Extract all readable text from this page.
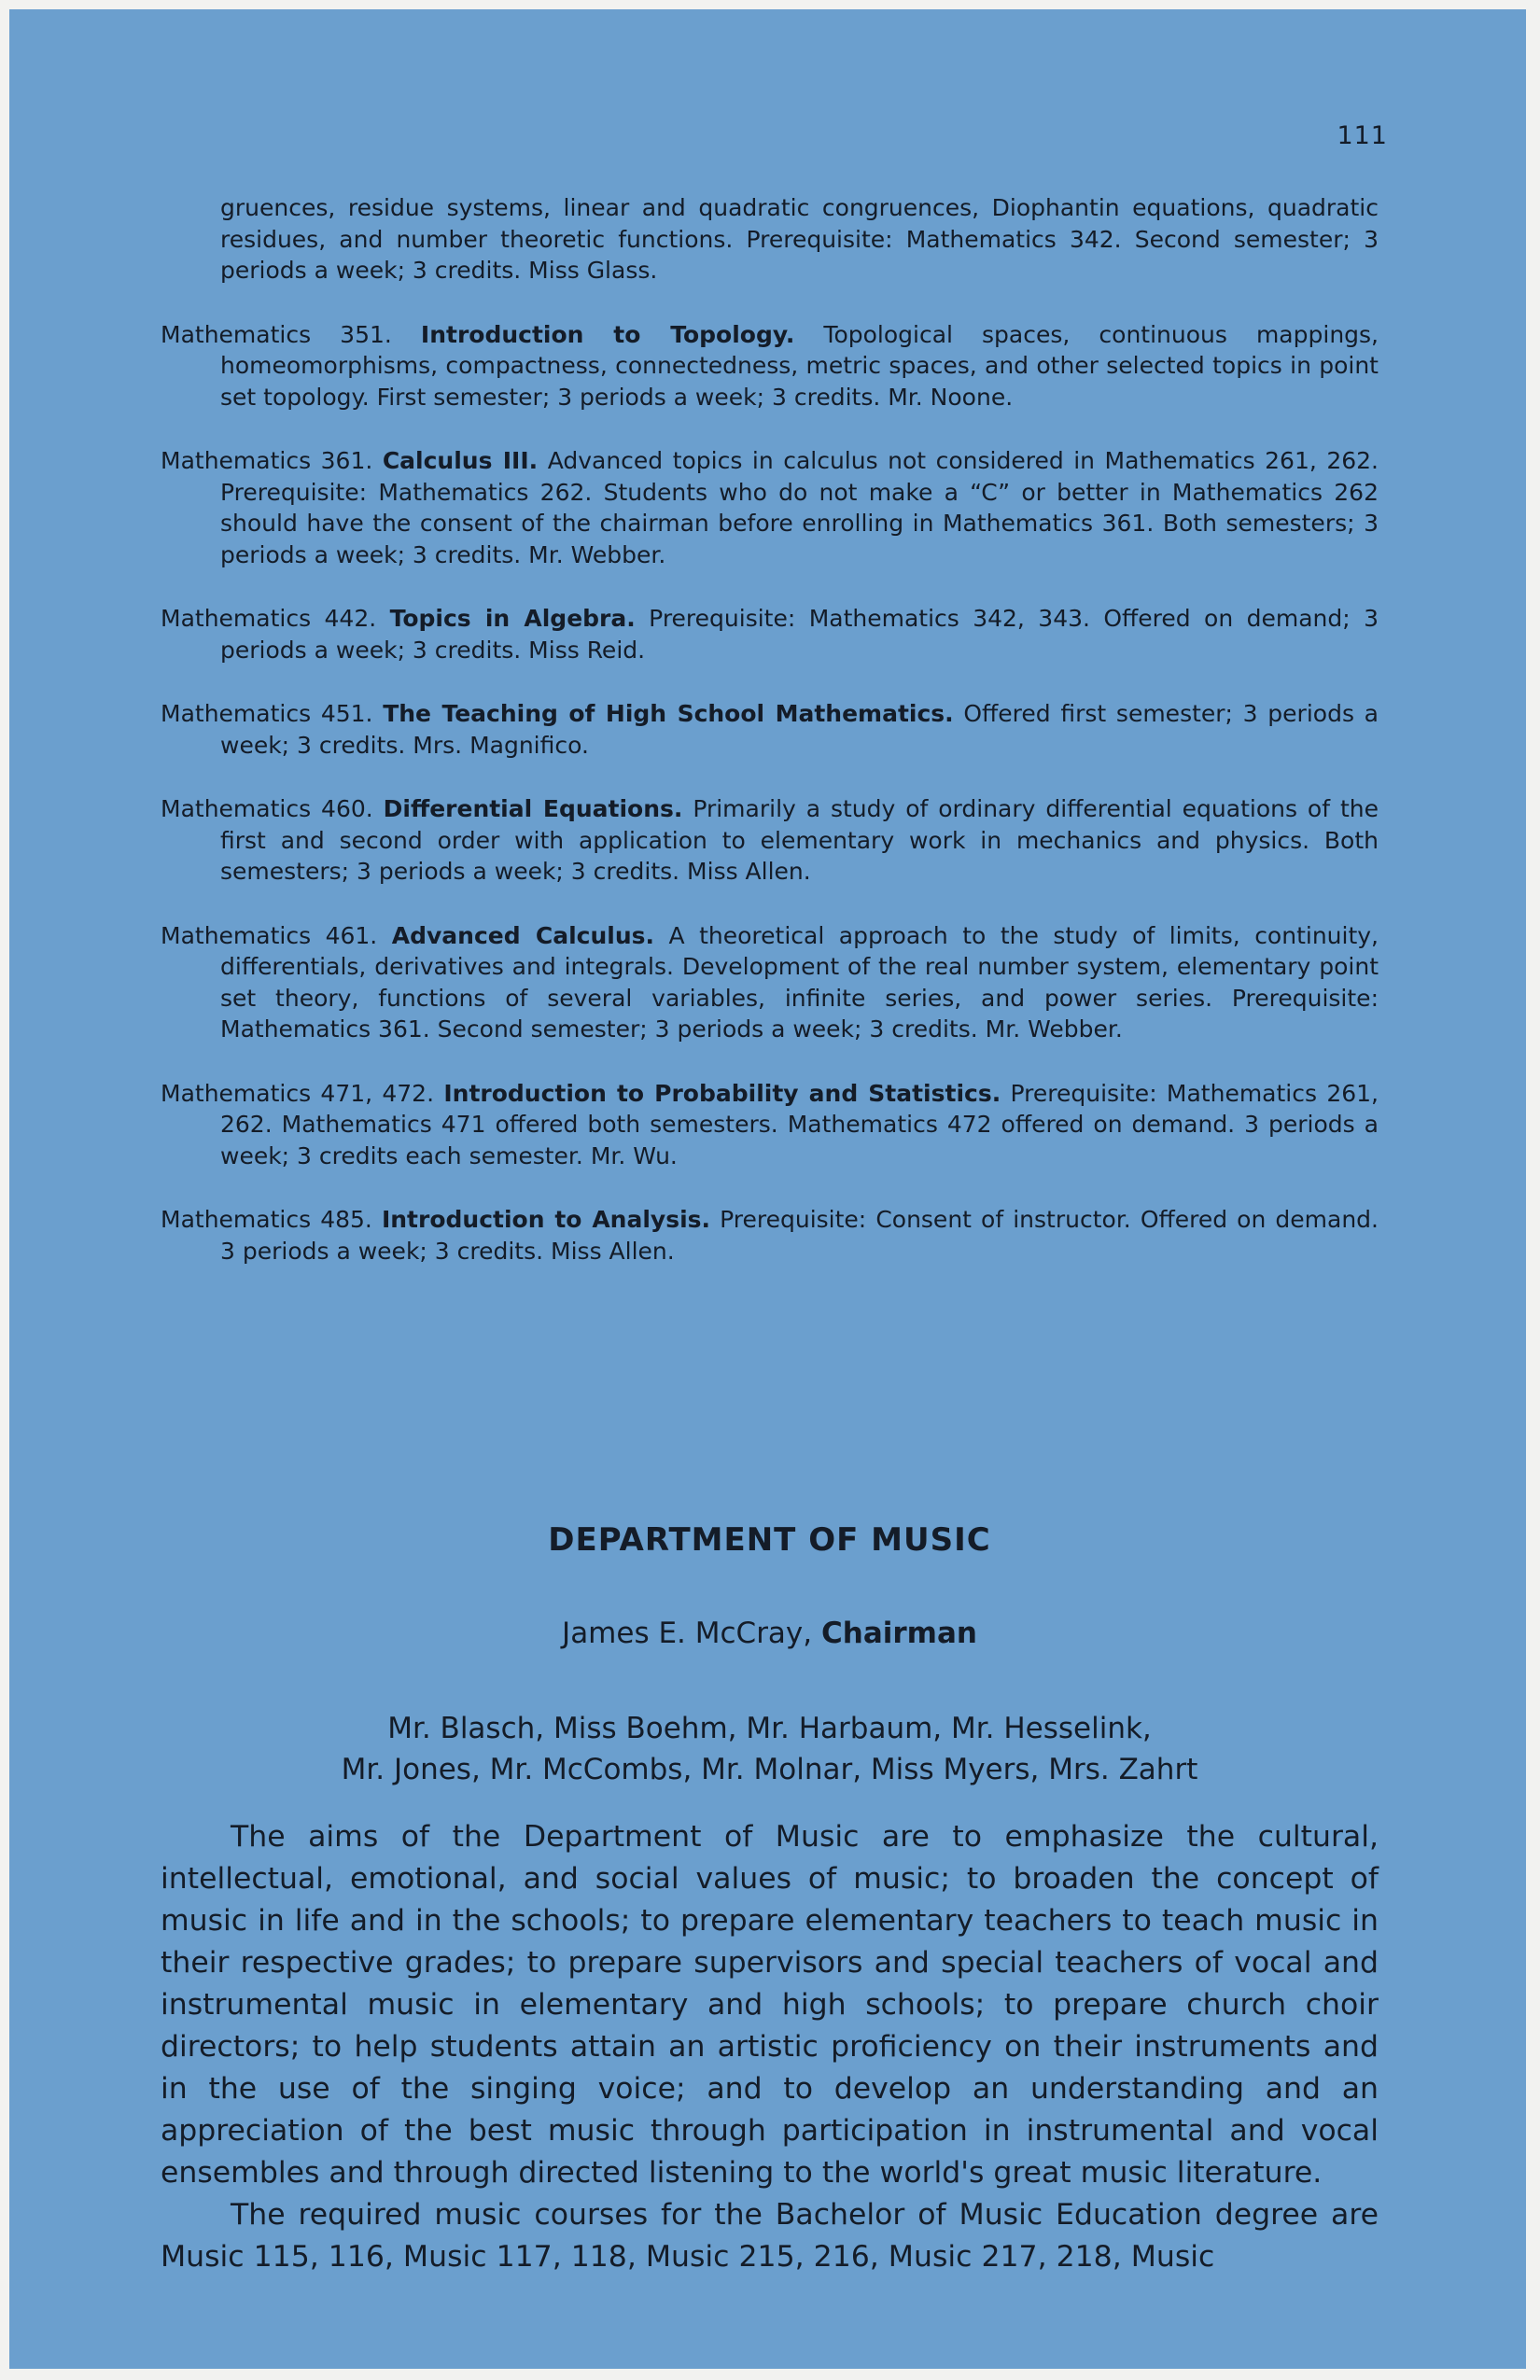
111

gruences, residue systems, linear and quadratic congruences, Diophantin equations, quadratic residues, and number theoretic functions. Prerequisite: Mathematics 342. Second semester; 3 periods a week; 3 credits. Miss Glass.

Mathematics 351. Introduction to Topology. Topological spaces, continuous mappings, homeomorphisms, compactness, connectedness, metric spaces, and other selected topics in point set topology. First semester; 3 periods a week; 3 credits. Mr. Noone.

Mathematics 361. Calculus III. Advanced topics in calculus not considered in Mathematics 261, 262. Prerequisite: Mathematics 262. Students who do not make a “C” or better in Mathematics 262 should have the consent of the chairman before enrolling in Mathematics 361. Both semesters; 3 periods a week; 3 credits. Mr. Webber.

Mathematics 442. Topics in Algebra. Prerequisite: Mathematics 342, 343. Offered on demand; 3 periods a week; 3 credits. Miss Reid.

Mathematics 451. The Teaching of High School Mathematics. Offered first semester; 3 periods a week; 3 credits. Mrs. Magnifico.

Mathematics 460. Differential Equations. Primarily a study of ordinary differential equations of the first and second order with application to elementary work in mechanics and physics. Both semesters; 3 periods a week; 3 credits. Miss Allen.

Mathematics 461. Advanced Calculus. A theoretical approach to the study of limits, continuity, differentials, derivatives and integrals. Development of the real number system, elementary point set theory, functions of several variables, infinite series, and power series. Prerequisite: Mathematics 361. Second semester; 3 periods a week; 3 credits. Mr. Webber.

Mathematics 471, 472. Introduction to Probability and Statistics. Prerequisite: Mathematics 261, 262. Mathematics 471 offered both semesters. Mathematics 472 offered on demand. 3 periods a week; 3 credits each semester. Mr. Wu.

Mathematics 485. Introduction to Analysis. Prerequisite: Consent of instructor. Offered on demand. 3 periods a week; 3 credits. Miss Allen.

DEPARTMENT OF MUSIC

James E. McCray, Chairman

Mr. Blasch, Miss Boehm, Mr. Harbaum, Mr. Hesselink,
Mr. Jones, Mr. McCombs, Mr. Molnar, Miss Myers, Mrs. Zahrt

The aims of the Department of Music are to emphasize the cultural, intellectual, emotional, and social values of music; to broaden the concept of music in life and in the schools; to prepare elementary teachers to teach music in their respective grades; to prepare supervisors and special teachers of vocal and instrumental music in elementary and high schools; to prepare church choir directors; to help students attain an artistic proficiency on their instruments and in the use of the singing voice; and to develop an understanding and an appreciation of the best music through participation in instrumental and vocal ensembles and through directed listening to the world's great music literature.

The required music courses for the Bachelor of Music Education degree are Music 115, 116, Music 117, 118, Music 215, 216, Music 217, 218, Music
